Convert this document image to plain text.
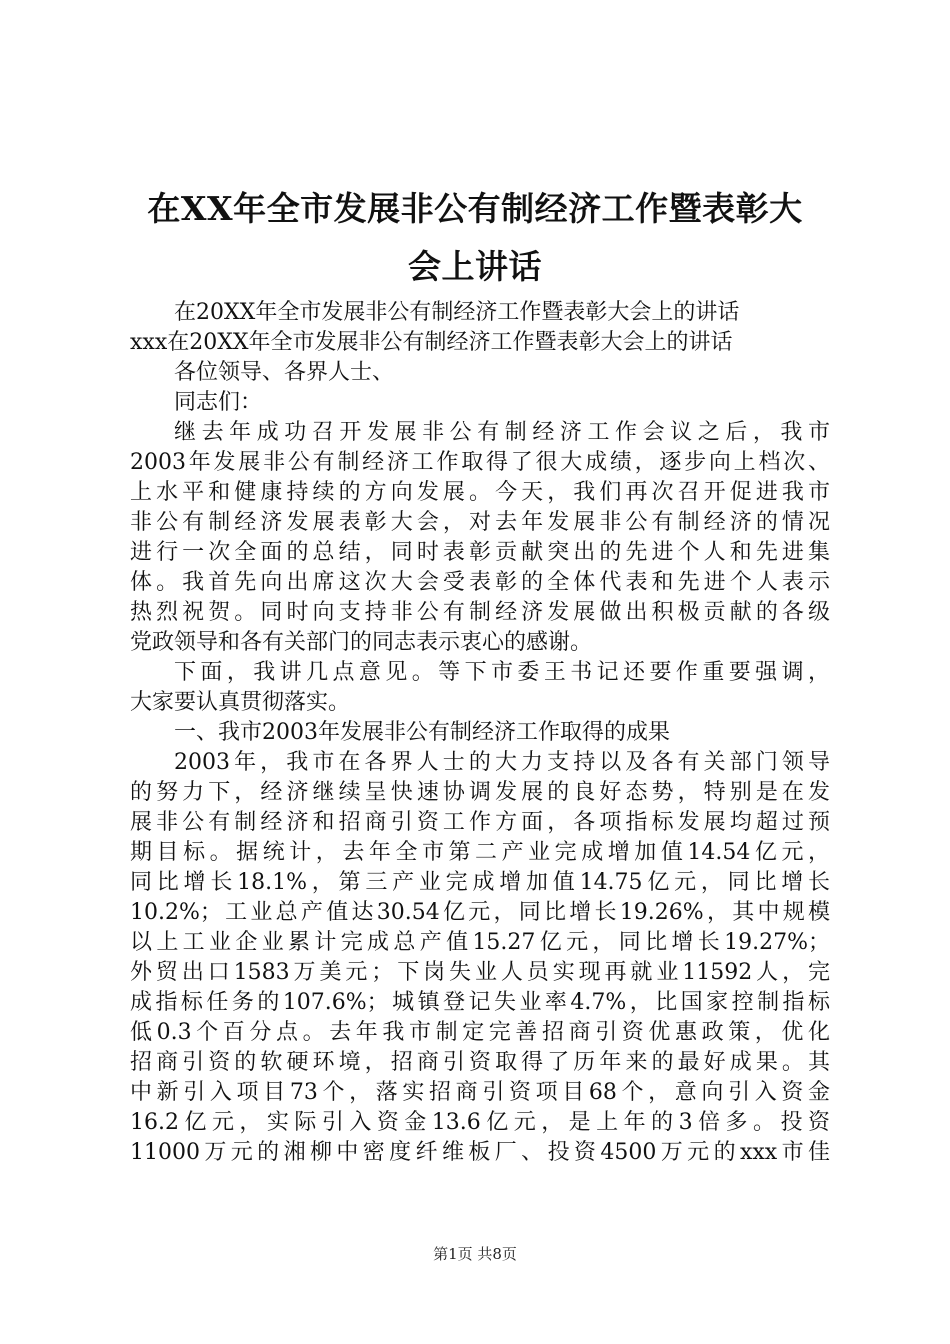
在XX年全市发展非公有制经济工作暨表彰大
会上讲话
在20XX年全市发展非公有制经济工作暨表彰大会上的讲话
xxx在20XX年全市发展非公有制经济工作暨表彰大会上的讲话
各位领导、各界人士、
同志们：
继去年成功召开发展非公有制经济工作会议之后，我市
2003年发展非公有制经济工作取得了很大成绩，逐步向上档次、
上水平和健康持续的方向发展。今天，我们再次召开促进我市
非公有制经济发展表彰大会，对去年发展非公有制经济的情况
进行一次全面的总结，同时表彰贡献突出的先进个人和先进集
体。我首先向出席这次大会受表彰的全体代表和先进个人表示
热烈祝贺。同时向支持非公有制经济发展做出积极贡献的各级
党政领导和各有关部门的同志表示衷心的感谢。
下面，我讲几点意见。等下市委王书记还要作重要强调，
大家要认真贯彻落实。
一、我市2003年发展非公有制经济工作取得的成果
2003年，我市在各界人士的大力支持以及各有关部门领导
的努力下，经济继续呈快速协调发展的良好态势，特别是在发
展非公有制经济和招商引资工作方面，各项指标发展均超过预
期目标。据统计，去年全市第二产业完成增加值14.54亿元，
同比增长18.1%，第三产业完成增加值14.75亿元，同比增长
10.2%；工业总产值达30.54亿元，同比增长19.26%，其中规模
以上工业企业累计完成总产值15.27亿元，同比增长19.27%；
外贸出口1583万美元；下岗失业人员实现再就业11592人，完
成指标任务的107.6%；城镇登记失业率4.7%，比国家控制指标
低0.3个百分点。去年我市制定完善招商引资优惠政策，优化
招商引资的软硬环境，招商引资取得了历年来的最好成果。其
中新引入项目73个，落实招商引资项目68个，意向引入资金
16.2亿元，实际引入资金13.6亿元，是上年的3倍多。投资
11000万元的湘柳中密度纤维板厂、投资4500万元的xxx市佳
第1页 共8页
